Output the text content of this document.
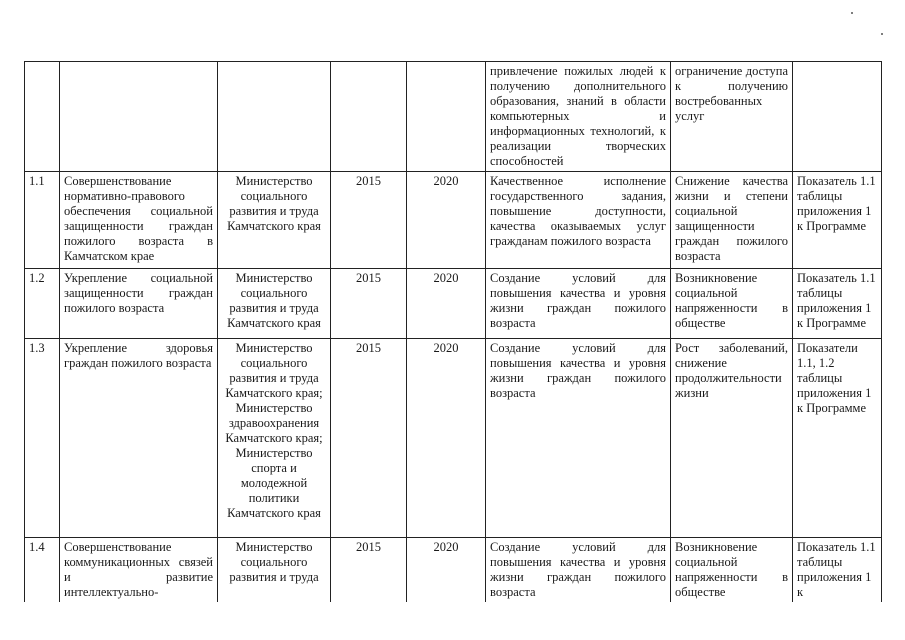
					привлечение пожилых людей к получению дополнительного образования, знаний в области компьютерных и информационных технологий, к реализации творческих способностей	ограничение доступа к получению востребованных услуг	
1.1	Совершенствование нормативно-правового обеспечения социальной защищенности граждан пожилого возраста в Камчатском крае	Министерство социального развития и труда Камчатского края	2015	2020	Качественное исполнение государственного задания, повышение доступности, качества оказываемых услуг гражданам пожилого возраста	Снижение качества жизни и степени социальной защищенности граждан пожилого возраста	Показатель 1.1 таблицы приложения 1 к Программе
1.2	Укрепление социальной защищенности граждан пожилого возраста	Министерство социального развития и труда Камчатского края	2015	2020	Создание условий для повышения качества и уровня жизни граждан пожилого возраста	Возникновение социальной напряженности в обществе	Показатель 1.1 таблицы приложения 1 к Программе
1.3	Укрепление здоровья граждан пожилого возраста	Министерство социального развития и труда Камчатского края; Министерство здравоохранения Камчатского края; Министерство спорта и молодежной политики Камчатского края	2015	2020	Создание условий для повышения качества и уровня жизни граждан пожилого возраста	Рост заболеваний, снижение продолжительности жизни	Показатели 1.1, 1.2 таблицы приложения 1 к Программе
1.4	Совершенствование коммуникационных связей и развитие интеллектуально-	Министерство социального развития и труда	2015	2020	Создание условий для повышения качества и уровня жизни граждан пожилого возраста	Возникновение социальной напряженности в обществе	Показатель 1.1 таблицы приложения 1 к
